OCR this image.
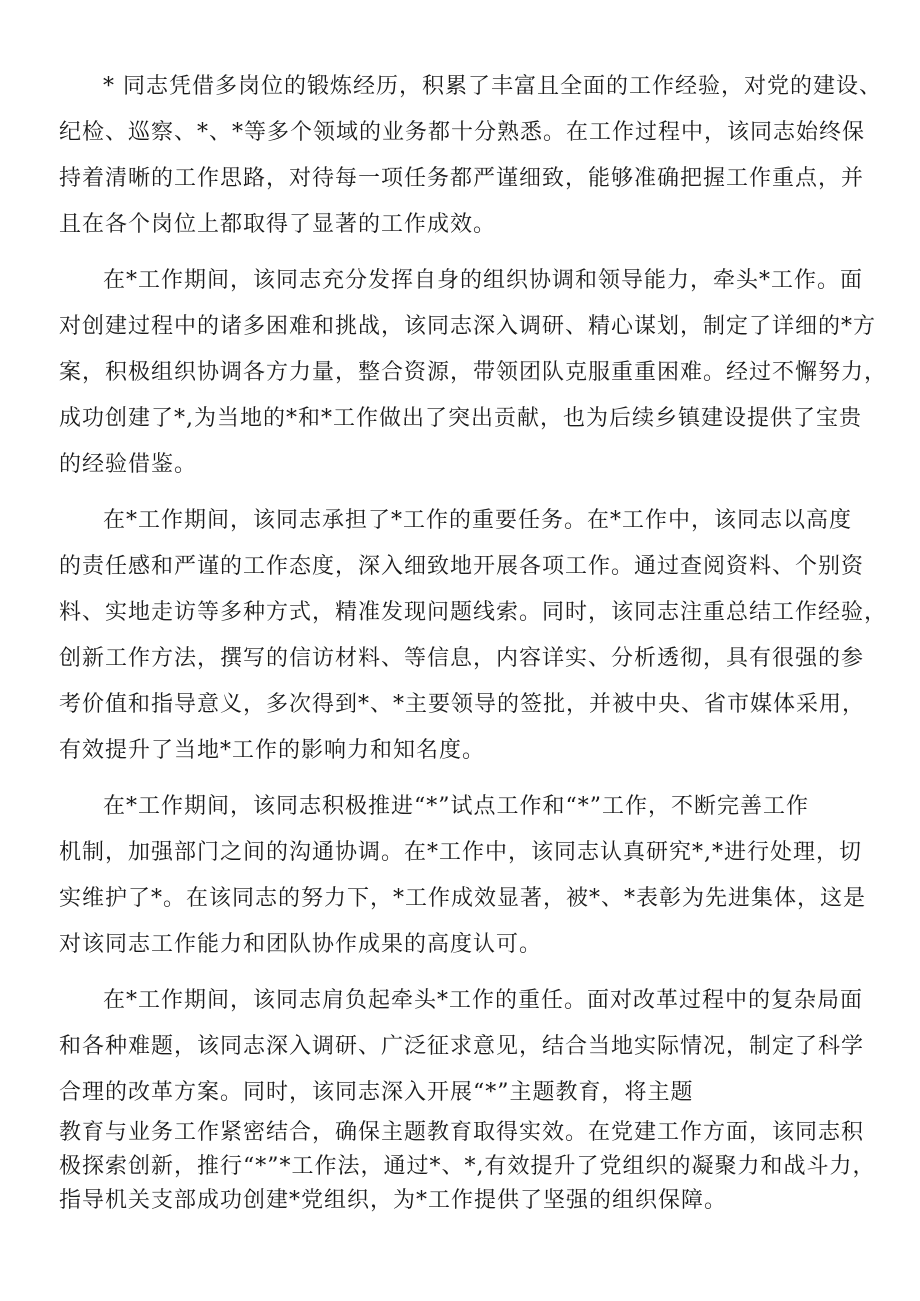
* 同志凭借多岗位的锻炼经历，积累了丰富且全面的工作经验，对党的建设、
纪检、巡察、*、*等多个领域的业务都十分熟悉。在工作过程中，该同志始终保
持着清晰的工作思路，对待每一项任务都严谨细致，能够准确把握工作重点，并
且在各个岗位上都取得了显著的工作成效。
在*工作期间，该同志充分发挥自身的组织协调和领导能力，牵头*工作。面
对创建过程中的诸多困难和挑战，该同志深入调研、精心谋划，制定了详细的*方
案，积极组织协调各方力量，整合资源，带领团队克服重重困难。经过不懈努力，
成功创建了*,为当地的*和*工作做出了突出贡献，也为后续乡镇建设提供了宝贵
的经验借鉴。
在*工作期间，该同志承担了*工作的重要任务。在*工作中，该同志以高度
的责任感和严谨的工作态度，深入细致地开展各项工作。通过查阅资料、个别资
料、实地走访等多种方式，精准发现问题线索。同时，该同志注重总结工作经验，
创新工作方法，撰写的信访材料、等信息，内容详实、分析透彻，具有很强的参
考价值和指导意义，多次得到*、*主要领导的签批，并被中央、省市媒体采用，
有效提升了当地*工作的影响力和知名度。
在*工作期间，该同志积极推进“*”试点工作和“*”工作，不断完善工作
机制，加强部门之间的沟通协调。在*工作中，该同志认真研究*,*进行处理，切
实维护了*。在该同志的努力下，*工作成效显著，被*、*表彰为先进集体，这是
对该同志工作能力和团队协作成果的高度认可。
在*工作期间，该同志肩负起牵头*工作的重任。面对改革过程中的复杂局面
和各种难题，该同志深入调研、广泛征求意见，结合当地实际情况，制定了科学
合理的改革方案。同时，该同志深入开展“*”主题教育，将主题
教育与业务工作紧密结合，确保主题教育取得实效。在党建工作方面，该同志积
极探索创新，推行“*”*工作法，通过*、*,有效提升了党组织的凝聚力和战斗力，
指导机关支部成功创建*党组织，为*工作提供了坚强的组织保障。
